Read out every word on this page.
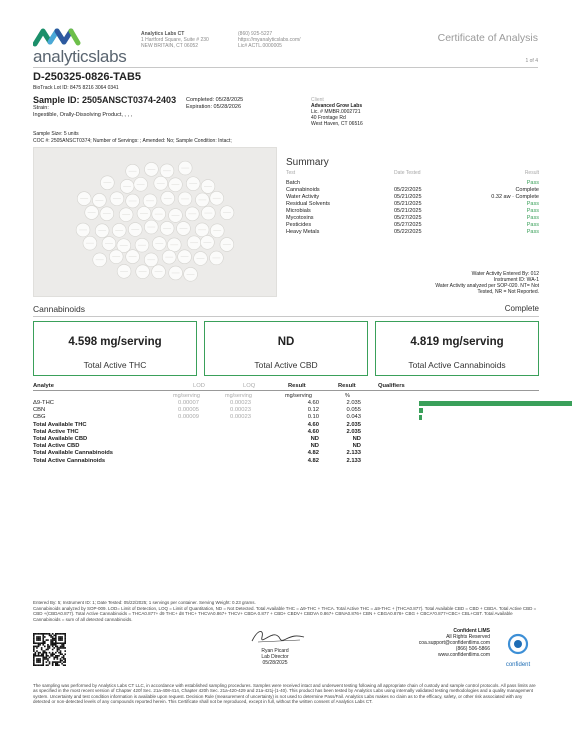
analyticslabs
Analytics Labs CT
1 Hartford Square, Suite # 230
NEW BRITAIN, CT 06052
(860) 925-5227
https://myanalyticslabs.com/
Lic# ACTL.0000005
Certificate of Analysis
1 of 4
D-250325-0826-TAB5
BioTrack Lot ID: 8475 8216 3064 0341
Sample ID: 2505ANSCT0374-2403 Completed: 05/28/2025
Expiration: 05/28/2026
Client
Advanced Grow Labs
Lic. # MMBR.0002721
40 Frontage Rd
West Haven, CT 06516
Strain:
Ingestible, Orally-Dissolving Product, , , ,
Sample Size: 5 units
COC #: 2505ANSCT0374; Number of Servings: ; Amended: No; Sample Condition: Intact;
Summary
Test	Date Tested	Result
Batch	Pass
Cannabinoids	05/22/2025	Complete
Water Activity	05/21/2025	0.32 aw · Complete
Residual Solvents	05/21/2025	Pass
Microbials	05/21/2025	Pass
Mycotoxins	05/27/2025	Pass
Pesticides	05/27/2025	Pass
Heavy Metals	05/22/2025	Pass
Water Activity Entered By: 012
Instrument ID: WA-1
Water Activity analyzed per SOP-020. NT= Not
Tested, NR = Not Reported.
Cannabinoids	Complete
4.598 mg/serving
Total Active THC
ND
Total Active CBD
4.819 mg/serving
Total Active Cannabinoids
Analyte	LOD	LOQ	Result	Result	Qualifiers
mg/serving	mg/serving	mg/serving	%
Δ9-THC	0.00007	0.00023	4.60	2.035
CBN	0.00005	0.00023	0.12	0.055
CBG	0.00009	0.00023	0.10	0.043
Total Available THC	4.60	2.035
Total Active THC	4.60	2.035
Total Available CBD	ND	ND
Total Active CBD	ND	ND
Total Available Cannabinoids	4.82	2.133
Total Active Cannabinoids	4.82	2.133
Entered By: 5; Instrument ID: 1; Date Tested: 05/22/2025; 1 servings per container. Serving Weight: 0.23 grams.
Cannabinoids analyzed by SOP-009. LOD= Limit of Detection, LOQ = Limit of Quantitation, ND = Not Detected. Total Available THC = Δ9-THC + THCA. Total Active THC = Δ9-THC + (THCA0.877). Total Available CBD = CBD + CBDA. Total Active CBD = CBD +(CBDA0.877). Total Active Cannabinoids = THCA0.877+ d9 THC+ d8 THC+ THCVA0.867+ THCV+ CBDA 0.877 + CBD+ CBDV+ CBDVA 0.867+ CBNA0.876+ CBN + CBGA0.878+ CBG + CBCA*0.877+CBC+ CBL+CBT. Total Available Cannabinoids = sum of all detected cannabinoids.
Ryan Picard
Lab Director
05/28/2025
Confident LIMS
All Rights Reserved
coa.support@confidentlims.com
(866) 506-5866
www.confidentlims.com
confident
The sampling was performed by Analytics Labs CT LLC, in accordance with established sampling procedures. Samples were received intact and underwent testing following all appropriate chain of custody and sample control protocols. All pass limits are as specified in the most recent version of Chapter 420f Sec. 21a-408-414, Chapter 420h Sec. 21a-420-429 and 21a-421j-(1-40). This product has been tested by Analytics Labs using internally validated testing methodologies and a quality management system. Uncertainty and test condition information is available upon request. Decision Rule (measurement of uncertainty) is not used to determine Pass/Fail. Analytics Labs makes no claim as to the efficacy, safety, or other risk associated with any detected or non-detected levels of any compounds reported herein. This Certificate shall not be reproduced, except in full, without the written consent of Analytics Labs CT.
